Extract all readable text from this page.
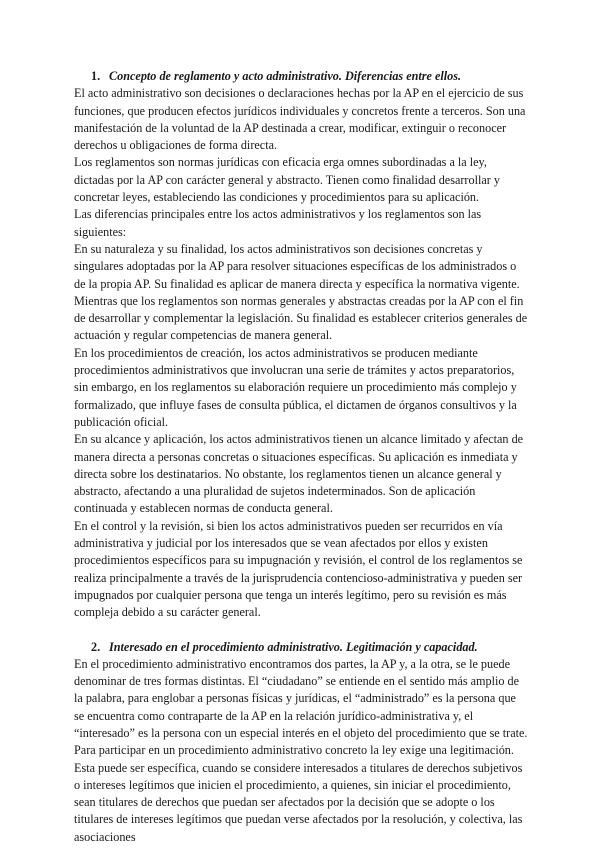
1. Concepto de reglamento y acto administrativo. Diferencias entre ellos.

El acto administrativo son decisiones o declaraciones hechas por la AP en el ejercicio de sus funciones, que producen efectos jurídicos individuales y concretos frente a terceros. Son una manifestación de la voluntad de la AP destinada a crear, modificar, extinguir o reconocer derechos u obligaciones de forma directa.

Los reglamentos son normas jurídicas con eficacia erga omnes subordinadas a la ley, dictadas por la AP con carácter general y abstracto. Tienen como finalidad desarrollar y concretar leyes, estableciendo las condiciones y procedimientos para su aplicación.

Las diferencias principales entre los actos administrativos y los reglamentos son las siguientes:

En su naturaleza y su finalidad, los actos administrativos son decisiones concretas y singulares adoptadas por la AP para resolver situaciones específicas de los administrados o de la propia AP. Su finalidad es aplicar de manera directa y específica la normativa vigente. Mientras que los reglamentos son normas generales y abstractas creadas por la AP con el fin de desarrollar y complementar la legislación. Su finalidad es establecer criterios generales de actuación y regular competencias de manera general.

En los procedimientos de creación, los actos administrativos se producen mediante procedimientos administrativos que involucran una serie de trámites y actos preparatorios, sin embargo, en los reglamentos su elaboración requiere un procedimiento más complejo y formalizado, que influye fases de consulta pública, el dictamen de órganos consultivos y la publicación oficial.

En su alcance y aplicación, los actos administrativos tienen un alcance limitado y afectan de manera directa a personas concretas o situaciones específicas. Su aplicación es inmediata y directa sobre los destinatarios. No obstante, los reglamentos tienen un alcance general y abstracto, afectando a una pluralidad de sujetos indeterminados. Son de aplicación continuada y establecen normas de conducta general.

En el control y la revisión, si bien los actos administrativos pueden ser recurridos en vía administrativa y judicial por los interesados que se vean afectados por ellos y existen procedimientos específicos para su impugnación y revisión, el control de los reglamentos se realiza principalmente a través de la jurisprudencia contencioso-administrativa y pueden ser impugnados por cualquier persona que tenga un interés legítimo, pero su revisión es más compleja debido a su carácter general.

2. Interesado en el procedimiento administrativo. Legitimación y capacidad.

En el procedimiento administrativo encontramos dos partes, la AP y, a la otra, se le puede denominar de tres formas distintas. El “ciudadano” se entiende en el sentido más amplio de la palabra, para englobar a personas físicas y jurídicas, el “administrado” es la persona que se encuentra como contraparte de la AP en la relación jurídico-administrativa y, el “interesado” es la persona con un especial interés en el objeto del procedimiento que se trate.

Para participar en un procedimiento administrativo concreto la ley exige una legitimación. Esta puede ser específica, cuando se considere interesados a titulares de derechos subjetivos o intereses legítimos que inicien el procedimiento, a quienes, sin iniciar el procedimiento, sean titulares de derechos que puedan ser afectados por la decisión que se adopte o los titulares de intereses legítimos que puedan verse afectados por la resolución, y colectiva, las asociaciones
